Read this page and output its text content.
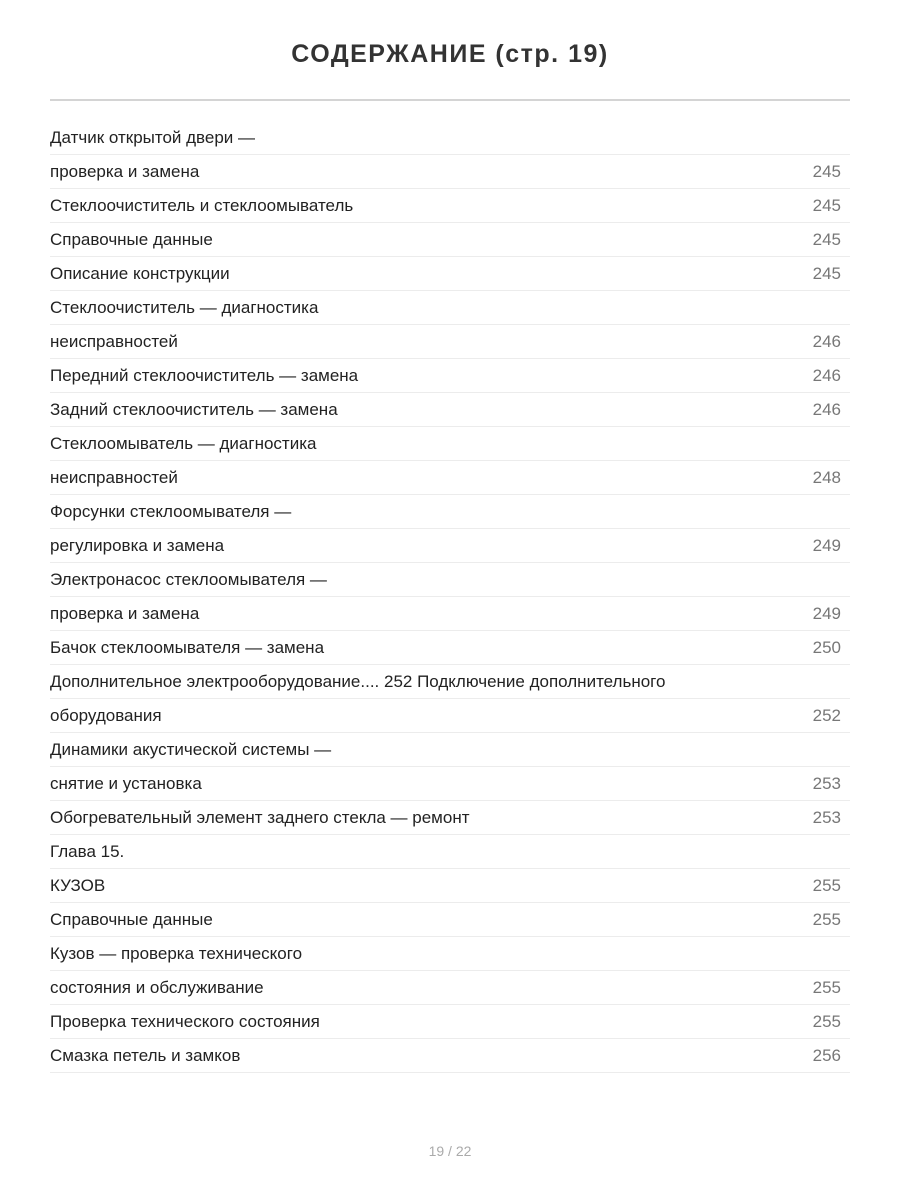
СОДЕРЖАНИЕ (стр. 19)
Датчик открытой двери —
проверка и замена	245
Стеклоочиститель и стеклоомыватель	245
Справочные данные	245
Описание конструкции	245
Стеклоочиститель — диагностика
неисправностей	246
Передний стеклоочиститель — замена	246
Задний стеклоочиститель — замена	246
Стеклоомыватель — диагностика
неисправностей	248
Форсунки стеклоомывателя —
регулировка и замена	249
Электронасос стеклоомывателя —
проверка и замена	249
Бачок стеклоомывателя — замена	250
Дополнительное электрооборудование.... 252 Подключение дополнительного
оборудования	252
Динамики акустической системы —
снятие и установка	253
Обогревательный элемент заднего стекла — ремонт	253
Глава 15.
КУЗОВ	255
Справочные данные	255
Кузов — проверка технического
состояния и обслуживание	255
Проверка технического состояния	255
Смазка петель и замков	256
19 / 22
